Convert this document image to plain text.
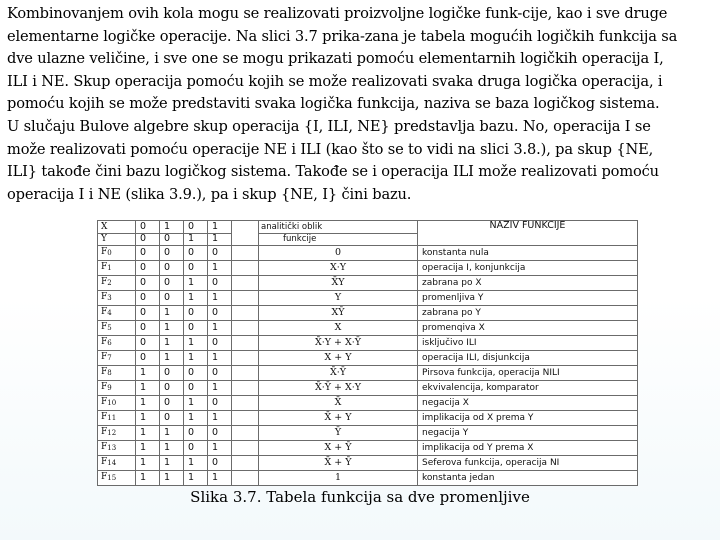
Kombinovanjem ovih kola mogu se realizovati proizvoljne logičke funk-cije, kao i sve druge
elementarne logičke operacije. Na slici 3.7 prika-zana je tabela mogućih logičkih funkcija sa
dve ulazne veličine, i sve one se mogu prikazati pomoću elementarnih logičkih operacija I,
ILI i NE. Skup operacija pomoću kojih se može realizovati svaka druga logička operacija, i
pomoću kojih se može predstaviti svaka logička funkcija, naziva se baza logičkog sistema.
U slučaju Bulove algebre skup operacija {I, ILI, NE} predstavlja bazu. No, operacija I se
može realizovati pomoću operacije NE i ILI (kao što se to vidi na slici 3.8.), pa skup {NE,
ILI} takođe čini bazu logičkog sistema. Takođe se i operacija ILI može realizovati pomoću
operacija I i NE (slika 3.9.), pa i skup {NE, I} čini bazu.

X	0	1	0	1		analitički oblik	NAZIV FUNKCIJE
Y	0	0	1	1		funkcije	
F0	0	0	0	0		0	konstanta nula
F1	0	0	0	1		X·Y	operacija I, konjunkcija
F2	0	0	1	0		X̄Y	zabrana po X
F3	0	0	1	1		Y	promenljiva Y
F4	0	1	0	0		XȲ	zabrana po Y
F5	0	1	0	1		X	promenqiva X
F6	0	1	1	0		X̄·Y + X·Ȳ	isključivo ILI
F7	0	1	1	1		X + Y	operacija ILI, disjunkcija
F8	1	0	0	0		X̄·Ȳ	Pirsova funkcija, operacija NILI
F9	1	0	0	1		X̄·Ȳ + X·Y	ekvivalencija, komparator
F10	1	0	1	0		X̄	negacija X
F11	1	0	1	1		X̄ + Y	implikacija od X prema Y
F12	1	1	0	0		Ȳ	negacija Y
F13	1	1	0	1		X + Ȳ	implikacija od Y prema X
F14	1	1	1	0		X̄ + Ȳ	Seferova funkcija, operacija NI
F15	1	1	1	1		1	konstanta jedan

Slika 3.7. Tabela funkcija sa dve promenljive
